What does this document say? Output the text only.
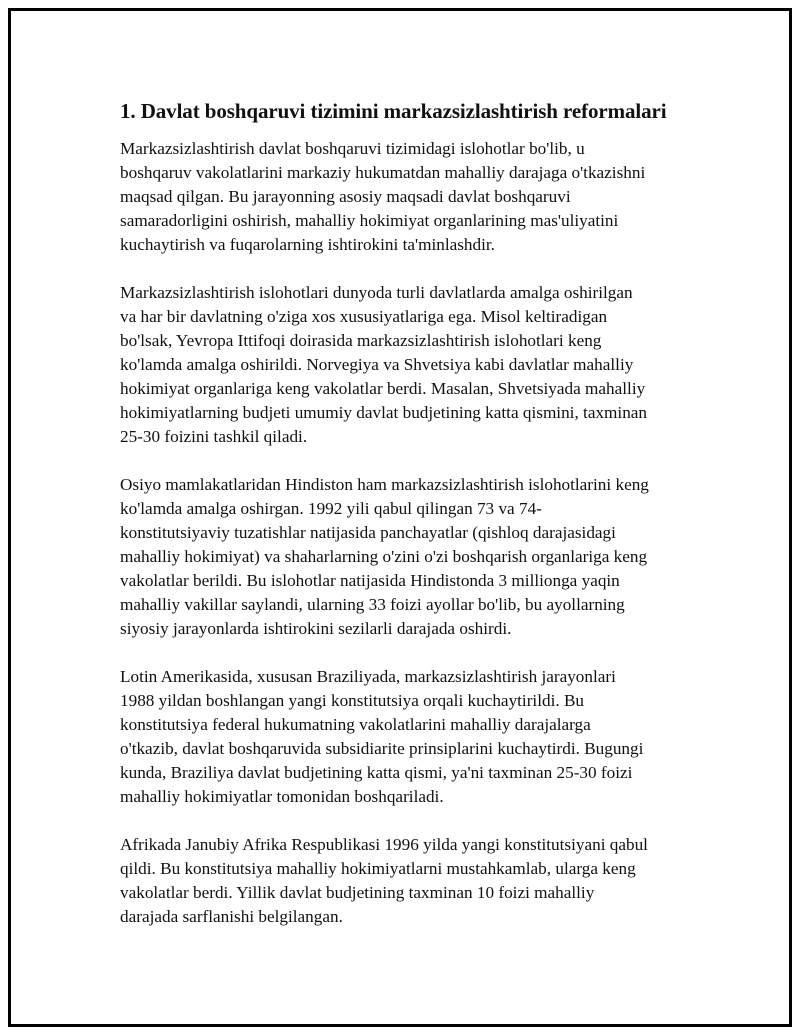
1. Davlat boshqaruvi tizimini markazsizlashtirish reformalari

Markazsizlashtirish davlat boshqaruvi tizimidagi islohotlar bo'lib, u
boshqaruv vakolatlarini markaziy hukumatdan mahalliy darajaga o'tkazishni
maqsad qilgan. Bu jarayonning asosiy maqsadi davlat boshqaruvi
samaradorligini oshirish, mahalliy hokimiyat organlarining mas'uliyatini
kuchaytirish va fuqarolarning ishtirokini ta'minlashdir.

Markazsizlashtirish islohotlari dunyoda turli davlatlarda amalga oshirilgan
va har bir davlatning o'ziga xos xususiyatlariga ega. Misol keltiradigan
bo'lsak, Yevropa Ittifoqi doirasida markazsizlashtirish islohotlari keng
ko'lamda amalga oshirildi. Norvegiya va Shvetsiya kabi davlatlar mahalliy
hokimiyat organlariga keng vakolatlar berdi. Masalan, Shvetsiyada mahalliy
hokimiyatlarning budjeti umumiy davlat budjetining katta qismini, taxminan
25-30 foizini tashkil qiladi.

Osiyo mamlakatlaridan Hindiston ham markazsizlashtirish islohotlarini keng
ko'lamda amalga oshirgan. 1992 yili qabul qilingan 73 va 74-
konstitutsiyaviy tuzatishlar natijasida panchayatlar (qishloq darajasidagi
mahalliy hokimiyat) va shaharlarning o'zini o'zi boshqarish organlariga keng
vakolatlar berildi. Bu islohotlar natijasida Hindistonda 3 millionga yaqin
mahalliy vakillar saylandi, ularning 33 foizi ayollar bo'lib, bu ayollarning
siyosiy jarayonlarda ishtirokini sezilarli darajada oshirdi.

Lotin Amerikasida, xususan Braziliyada, markazsizlashtirish jarayonlari
1988 yildan boshlangan yangi konstitutsiya orqali kuchaytirildi. Bu
konstitutsiya federal hukumatning vakolatlarini mahalliy darajalarga
o'tkazib, davlat boshqaruvida subsidiarite prinsiplarini kuchaytirdi. Bugungi
kunda, Braziliya davlat budjetining katta qismi, ya'ni taxminan 25-30 foizi
mahalliy hokimiyatlar tomonidan boshqariladi.

Afrikada Janubiy Afrika Respublikasi 1996 yilda yangi konstitutsiyani qabul
qildi. Bu konstitutsiya mahalliy hokimiyatlarni mustahkamlab, ularga keng
vakolatlar berdi. Yillik davlat budjetining taxminan 10 foizi mahalliy
darajada sarflanishi belgilangan.
